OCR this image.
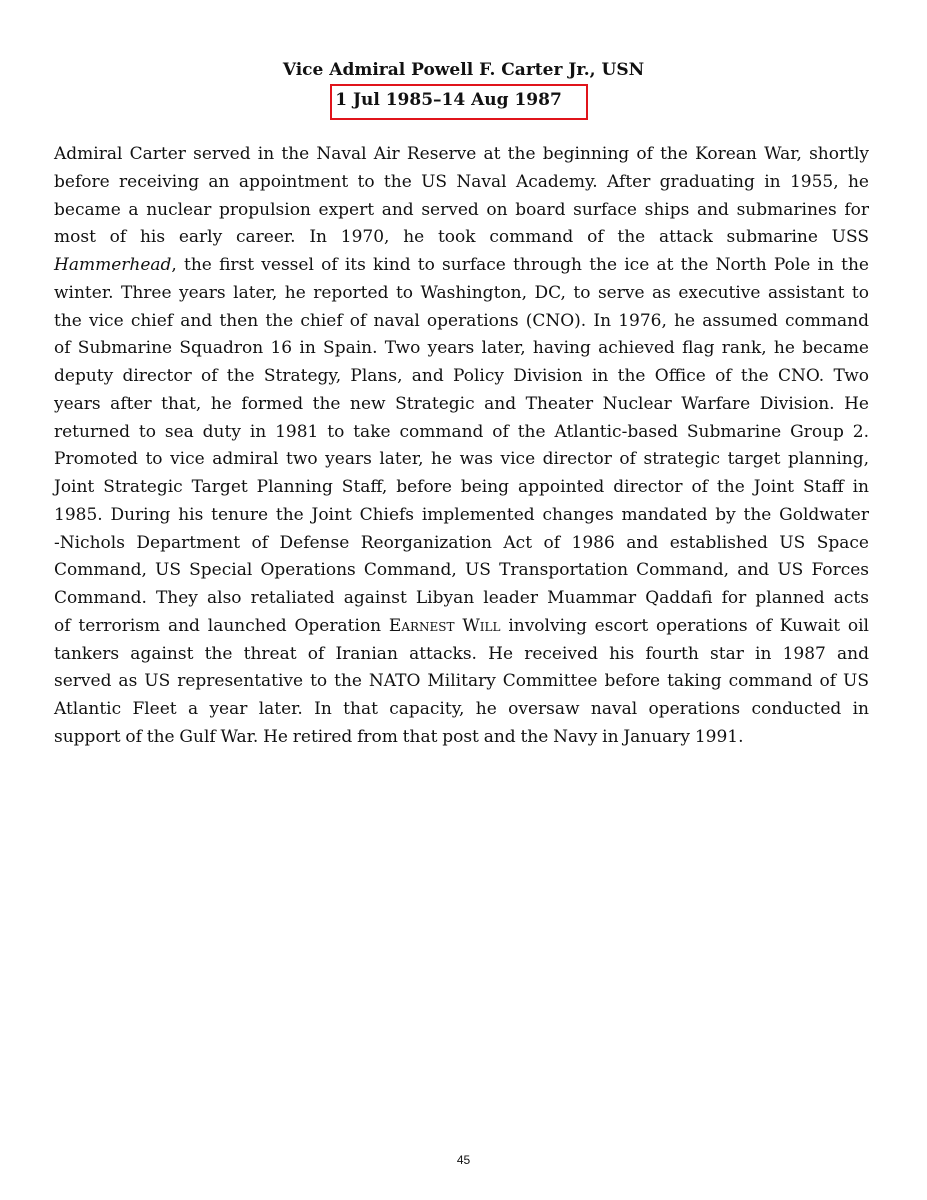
Vice Admiral Powell F. Carter Jr., USN
1 Jul 1985–14 Aug 1987
Admiral Carter served in the Naval Air Reserve at the beginning of the Korean War, shortly
before receiving an appointment to the US Naval Academy. After graduating in 1955, he
became a nuclear propulsion expert and served on board surface ships and submarines for
most of his early career. In 1970, he took command of the attack submarine USS
Hammerhead, the first vessel of its kind to surface through the ice at the North Pole in the
winter. Three years later, he reported to Washington, DC, to serve as executive assistant to
the vice chief and then the chief of naval operations (CNO). In 1976, he assumed command
of Submarine Squadron 16 in Spain. Two years later, having achieved flag rank, he became
deputy director of the Strategy, Plans, and Policy Division in the Office of the CNO. Two
years after that, he formed the new Strategic and Theater Nuclear Warfare Division. He
returned to sea duty in 1981 to take command of the Atlantic-based Submarine Group 2.
Promoted to vice admiral two years later, he was vice director of strategic target planning,
Joint Strategic Target Planning Staff, before being appointed director of the Joint Staff in
1985. During his tenure the Joint Chiefs implemented changes mandated by the Goldwater
-Nichols Department of Defense Reorganization Act of 1986 and established US Space
Command, US Special Operations Command, US Transportation Command, and US Forces
Command. They also retaliated against Libyan leader Muammar Qaddafi for planned acts
of terrorism and launched Operation Earnest Will involving escort operations of Kuwait oil
tankers against the threat of Iranian attacks. He received his fourth star in 1987 and
served as US representative to the NATO Military Committee before taking command of US
Atlantic Fleet a year later. In that capacity, he oversaw naval operations conducted in
support of the Gulf War. He retired from that post and the Navy in January 1991.
45
